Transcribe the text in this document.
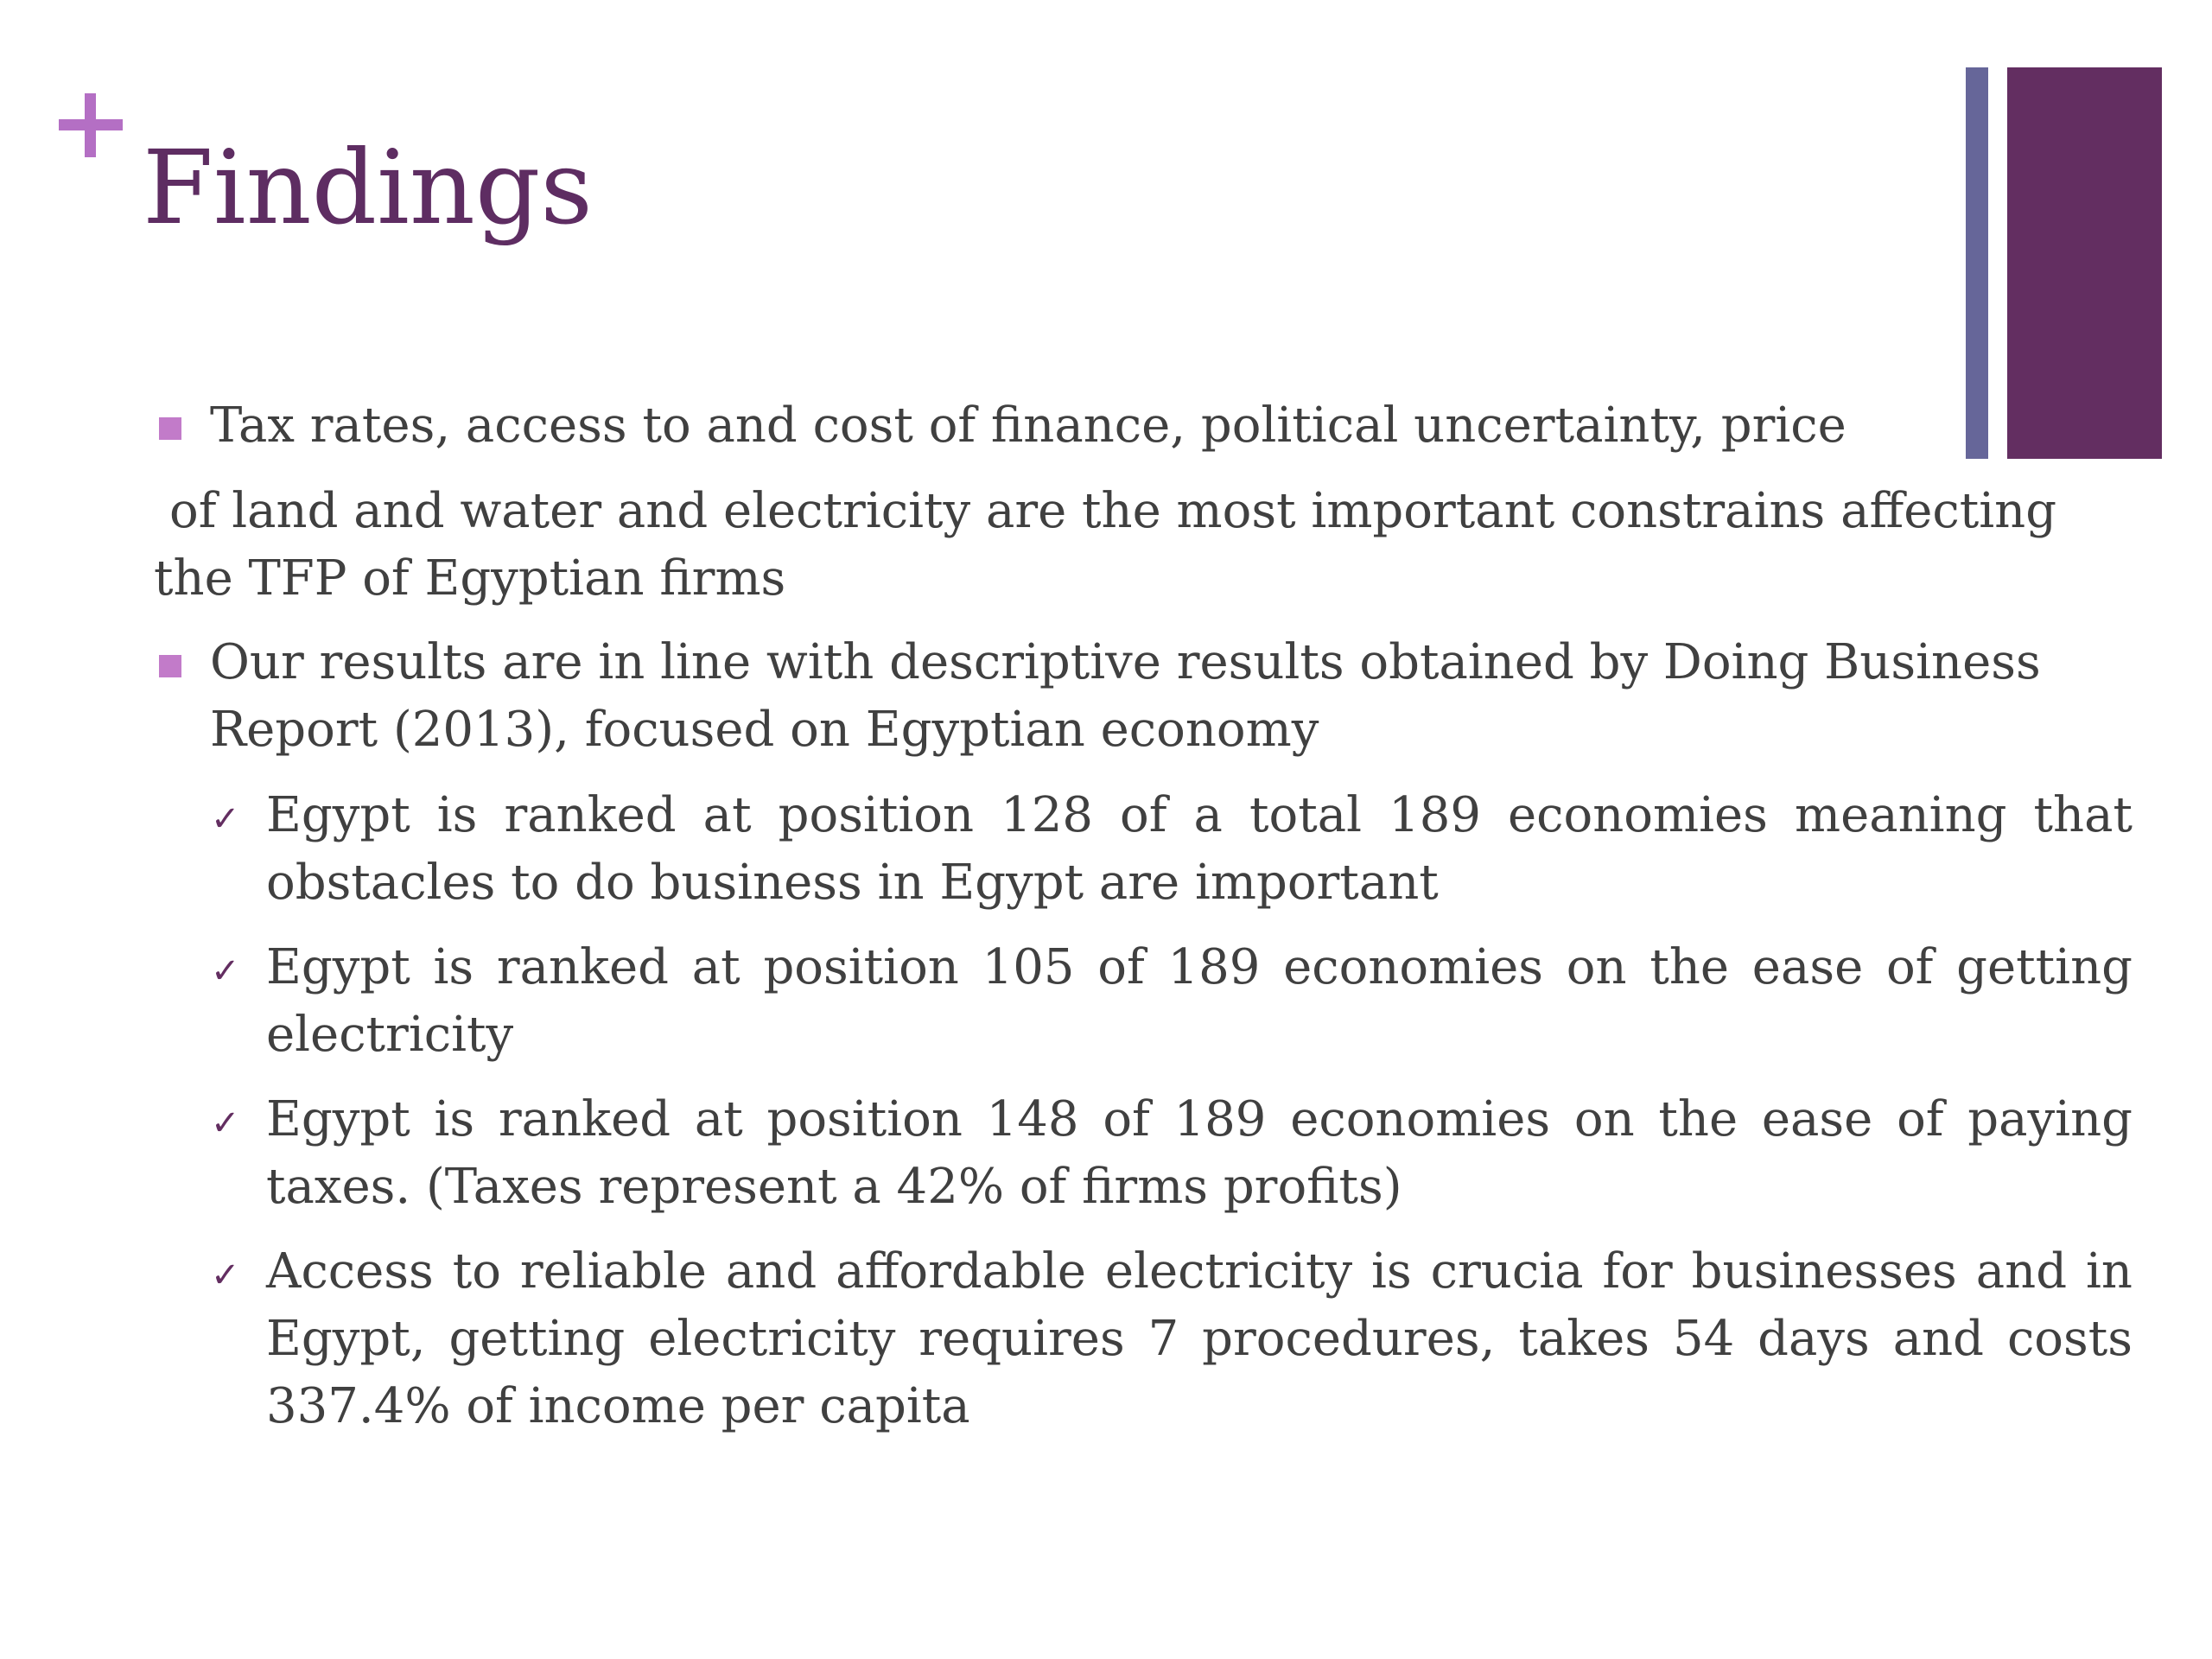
Findings

Tax rates, access to and cost of finance, political uncertainty, price

of land and water and electricity are the most important constrains affecting
the TFP of Egyptian firms

Our results are in line with descriptive results obtained by Doing Business Report (2013), focused on Egyptian economy

✓ Egypt is ranked at position 128 of a total 189 economies meaning that obstacles to do business in Egypt are important

✓ Egypt is ranked at position 105 of 189 economies on the ease of getting electricity

✓ Egypt is ranked at position 148 of 189 economies on the ease of paying taxes. (Taxes represent a 42% of firms profits)

✓ Access to reliable and affordable electricity is crucia for businesses and in Egypt, getting electricity requires 7 procedures, takes 54 days and costs 337.4% of income per capita
